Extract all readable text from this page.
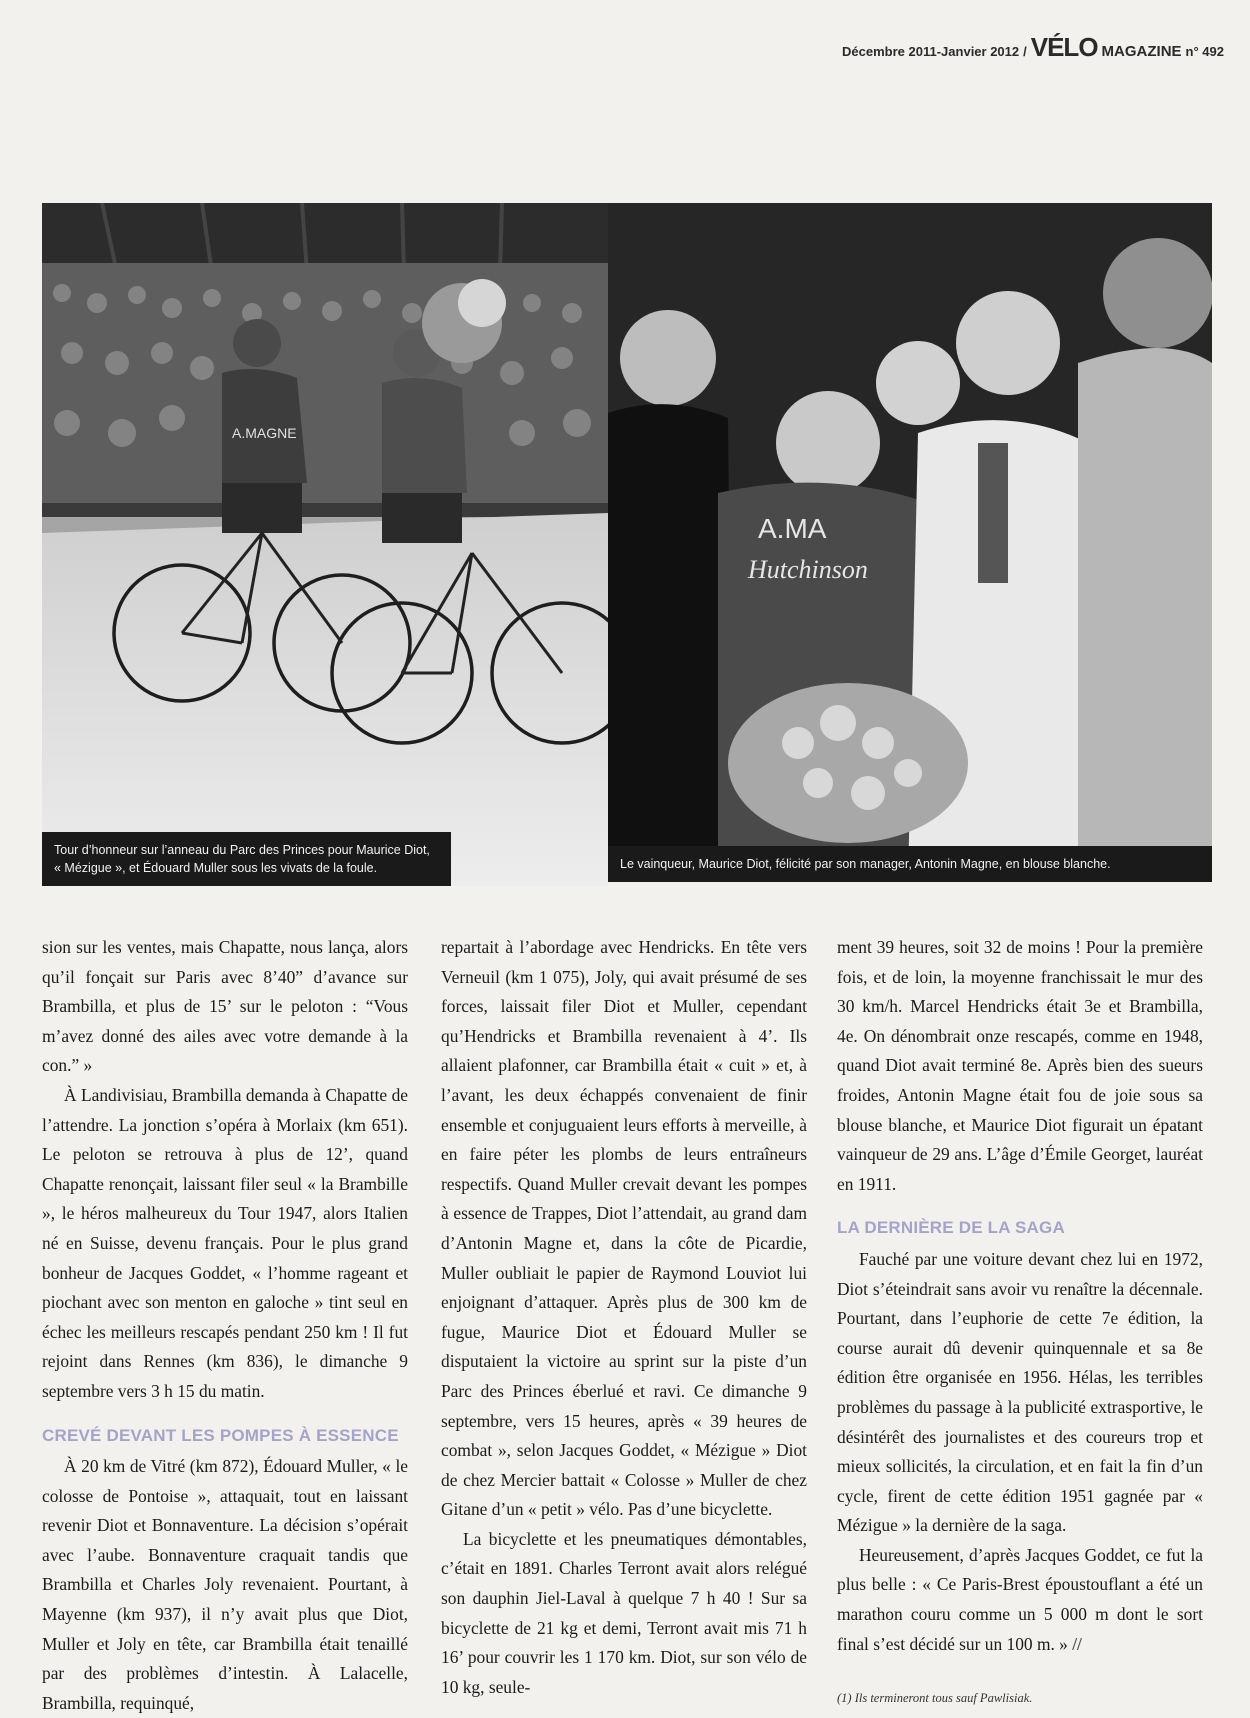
Décembre 2011-Janvier 2012 / VÉLO MAGAZINE n° 492
A.MAGNE
Tour d’honneur sur l’anneau du Parc des Princes pour Maurice Diot, « Mézigue », et Édouard Muller sous les vivats de la foule.
A.MA
Hutchinson
Le vainqueur, Maurice Diot, félicité par son manager, Antonin Magne, en blouse blanche.

sion sur les ventes, mais Chapatte, nous lança, alors qu’il fonçait sur Paris avec 8’40” d’avance sur Brambilla, et plus de 15’ sur le peloton : “Vous m’avez donné des ailes avec votre demande à la con.” »

À Landivisiau, Brambilla demanda à Chapatte de l’attendre. La jonction s’opéra à Morlaix (km 651). Le peloton se retrouva à plus de 12’, quand Chapatte renonçait, laissant filer seul « la Brambille », le héros malheureux du Tour 1947, alors Italien né en Suisse, devenu français. Pour le plus grand bonheur de Jacques Goddet, « l’homme rageant et piochant avec son menton en galoche » tint seul en échec les meilleurs rescapés pendant 250 km ! Il fut rejoint dans Rennes (km 836), le dimanche 9 septembre vers 3 h 15 du matin.

CREVÉ DEVANT LES POMPES À ESSENCE

À 20 km de Vitré (km 872), Édouard Muller, « le colosse de Pontoise », attaquait, tout en laissant revenir Diot et Bonnaventure. La décision s’opérait avec l’aube. Bonnaventure craquait tandis que Brambilla et Charles Joly revenaient. Pourtant, à Mayenne (km 937), il n’y avait plus que Diot, Muller et Joly en tête, car Brambilla était tenaillé par des problèmes d’intestin. À Lalacelle, Brambilla, requinqué,

repartait à l’abordage avec Hendricks. En tête vers Verneuil (km 1 075), Joly, qui avait présumé de ses forces, laissait filer Diot et Muller, cependant qu’Hendricks et Brambilla revenaient à 4’. Ils allaient plafonner, car Brambilla était « cuit » et, à l’avant, les deux échappés convenaient de finir ensemble et conjuguaient leurs efforts à merveille, à en faire péter les plombs de leurs entraîneurs respectifs. Quand Muller crevait devant les pompes à essence de Trappes, Diot l’attendait, au grand dam d’Antonin Magne et, dans la côte de Picardie, Muller oubliait le papier de Raymond Louviot lui enjoignant d’attaquer. Après plus de 300 km de fugue, Maurice Diot et Édouard Muller se disputaient la victoire au sprint sur la piste d’un Parc des Princes éberlué et ravi. Ce dimanche 9 septembre, vers 15 heures, après « 39 heures de combat », selon Jacques Goddet, « Mézigue » Diot de chez Mercier battait « Colosse » Muller de chez Gitane d’un « petit » vélo. Pas d’une bicyclette.

La bicyclette et les pneumatiques démontables, c’était en 1891. Charles Terront avait alors relégué son dauphin Jiel-Laval à quelque 7 h 40 ! Sur sa bicyclette de 21 kg et demi, Terront avait mis 71 h 16’ pour couvrir les 1 170 km. Diot, sur son vélo de 10 kg, seule-

ment 39 heures, soit 32 de moins ! Pour la première fois, et de loin, la moyenne franchissait le mur des 30 km/h. Marcel Hendricks était 3e et Brambilla, 4e. On dénombrait onze rescapés, comme en 1948, quand Diot avait terminé 8e. Après bien des sueurs froides, Antonin Magne était fou de joie sous sa blouse blanche, et Maurice Diot figurait un épatant vainqueur de 29 ans. L’âge d’Émile Georget, lauréat en 1911.

LA DERNIÈRE DE LA SAGA

Fauché par une voiture devant chez lui en 1972, Diot s’éteindrait sans avoir vu renaître la décennale. Pourtant, dans l’euphorie de cette 7e édition, la course aurait dû devenir quinquennale et sa 8e édition être organisée en 1956. Hélas, les terribles problèmes du passage à la publicité extrasportive, le désintérêt des journalistes et des coureurs trop et mieux sollicités, la circulation, et en fait la fin d’un cycle, firent de cette édition 1951 gagnée par « Mézigue » la dernière de la saga.

Heureusement, d’après Jacques Goddet, ce fut la plus belle : « Ce Paris-Brest époustouflant a été un marathon couru comme un 5 000 m dont le sort final s’est décidé sur un 100 m. » //

(1) Ils termineront tous sauf Pawlisiak.
